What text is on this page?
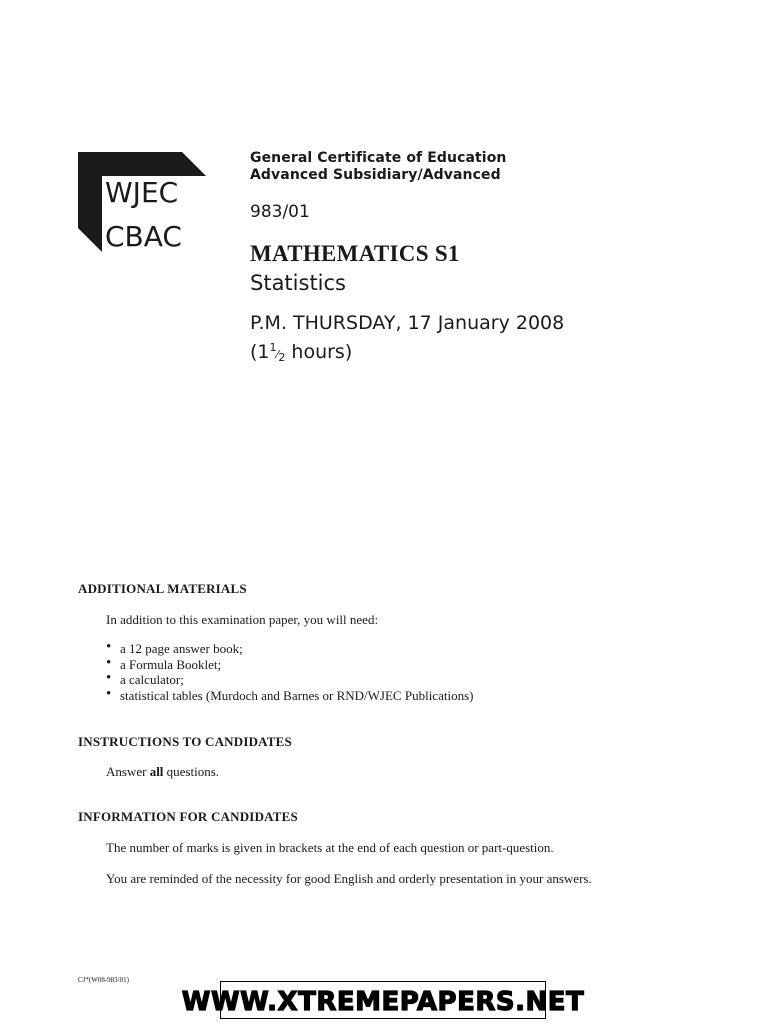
WJEC
CBAC
General Certificate of Education
Advanced Subsidiary/Advanced
983/01
MATHEMATICS S1
Statistics
P.M. THURSDAY, 17 January 2008
(11⁄2 hours)
ADDITIONAL MATERIALS
In addition to this examination paper, you will need:
• a 12 page answer book;
• a Formula Booklet;
• a calculator;
• statistical tables (Murdoch and Barnes or RND/WJEC Publications)
INSTRUCTIONS TO CANDIDATES
Answer all questions.
INFORMATION FOR CANDIDATES
The number of marks is given in brackets at the end of each question or part-question.
You are reminded of the necessity for good English and orderly presentation in your answers.
CJ*(W08-983/01)
WWW.XTREMEPAPERS.NET
